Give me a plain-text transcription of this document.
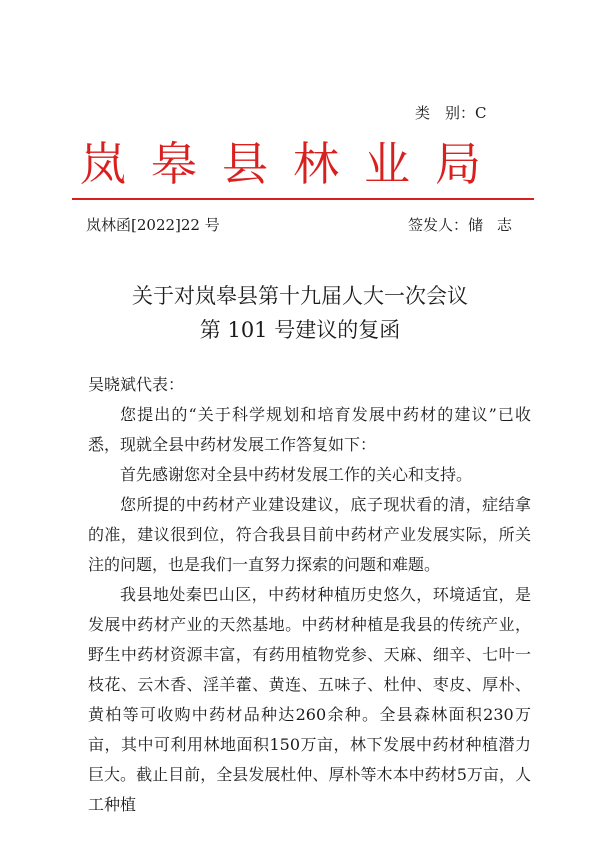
类　别：C
岚皋县林业局
岚林函[2022]22 号	签发人：储志
关于对岚皋县第十九届人大一次会议
第 101 号建议的复函

吴晓斌代表：

您提出的“关于科学规划和培育发展中药材的建议”已收悉，现就全县中药材发展工作答复如下：

首先感谢您对全县中药材发展工作的关心和支持。

您所提的中药材产业建设建议，底子现状看的清，症结拿的准，建议很到位，符合我县目前中药材产业发展实际，所关注的问题，也是我们一直努力探索的问题和难题。

我县地处秦巴山区，中药材种植历史悠久，环境适宜，是发展中药材产业的天然基地。中药材种植是我县的传统产业，野生中药材资源丰富，有药用植物党参、天麻、细辛、七叶一枝花、云木香、淫羊藿、黄连、五味子、杜仲、枣皮、厚朴、黄柏等可收购中药材品种达260余种。全县森林面积230万亩，其中可利用林地面积150万亩，林下发展中药材种植潜力巨大。截止目前，全县发展杜仲、厚朴等木本中药材5万亩，人工种植
